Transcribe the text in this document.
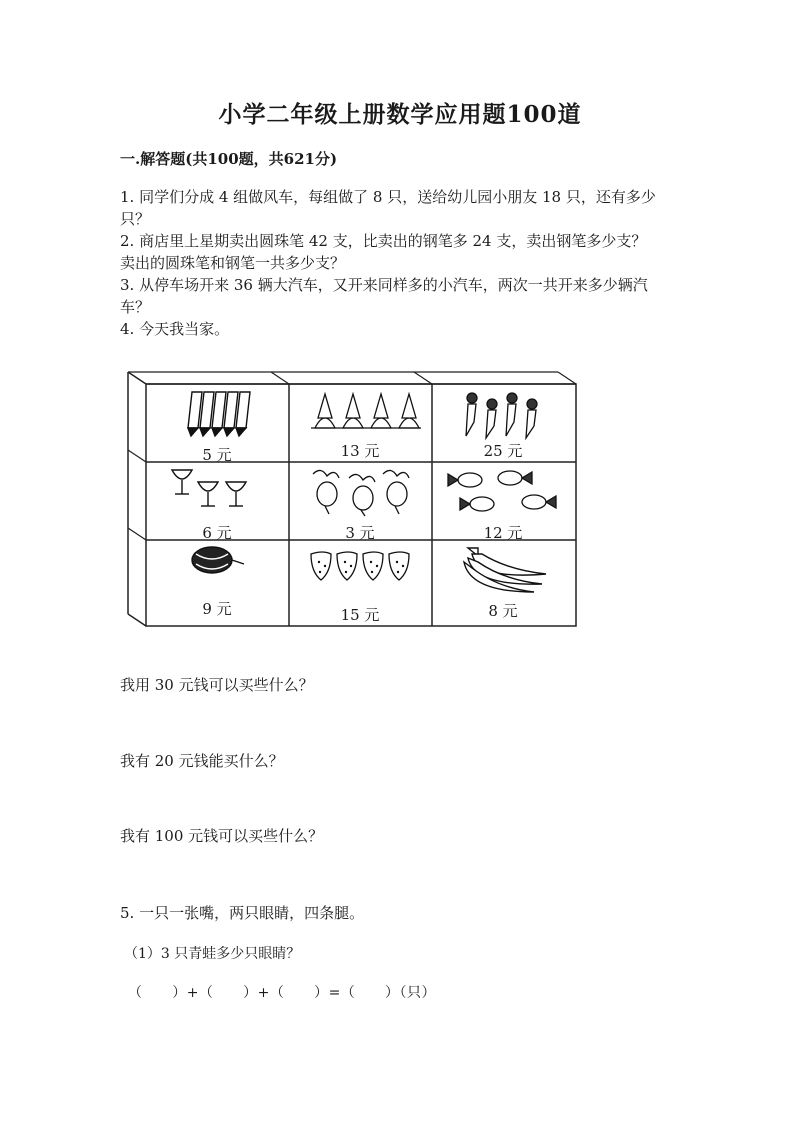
小学二年级上册数学应用题100道
一.解答题(共100题，共621分)
1. 同学们分成 4 组做风车，每组做了 8 只，送给幼儿园小朋友 18 只，还有多少
只？
2. 商店里上星期卖出圆珠笔 42 支，比卖出的钢笔多 24 支，卖出钢笔多少支？
卖出的圆珠笔和钢笔一共多少支？
3. 从停车场开来 36 辆大汽车，又开来同样多的小汽车，两次一共开来多少辆汽
车？
4. 今天我当家。
5 元	13 元	25 元
6 元	3 元	12 元
9 元	15 元	8 元
我用 30 元钱可以买些什么？
我有 20 元钱能买什么？
我有 100 元钱可以买些什么？
5. 一只一张嘴，两只眼睛，四条腿。
（1）3 只青蛙多少只眼睛？
（      ）+（      ）+（      ）=（      ）（只）
